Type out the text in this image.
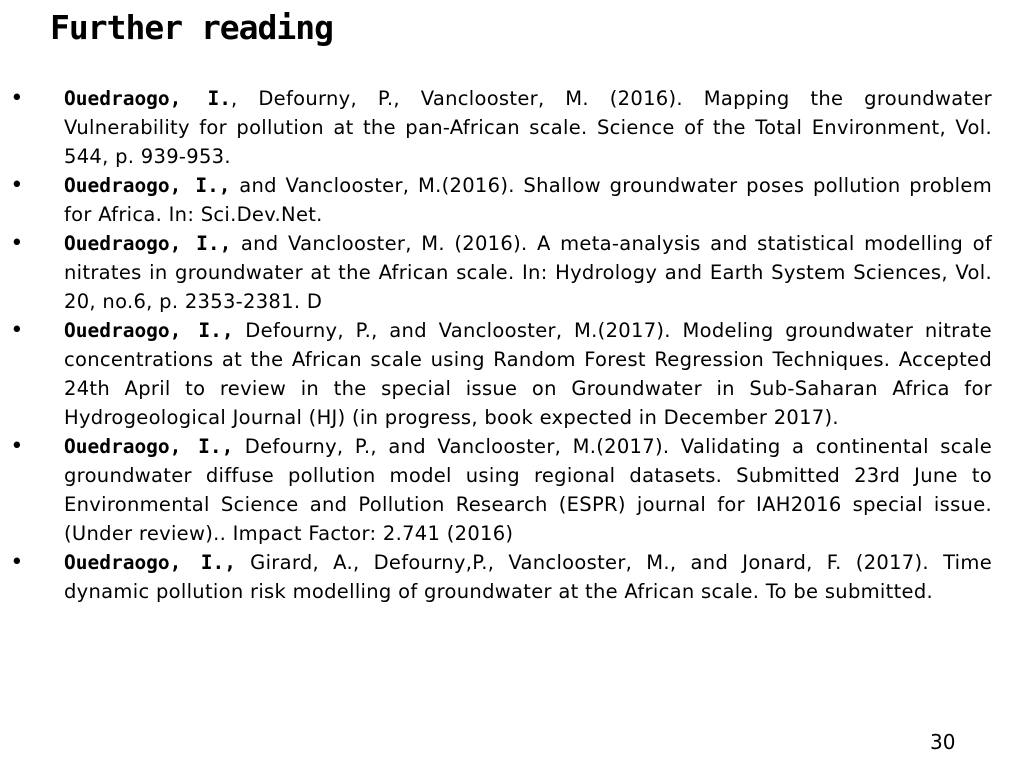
Further reading
• Ouedraogo, I., Defourny, P., Vanclooster, M. (2016). Mapping the groundwater Vulnerability for pollution at the pan-African scale. Science of the Total Environment, Vol. 544, p. 939-953.
• Ouedraogo, I., and Vanclooster, M.(2016). Shallow groundwater poses pollution problem for Africa. In: Sci.Dev.Net.
• Ouedraogo, I., and Vanclooster, M. (2016). A meta-analysis and statistical modelling of nitrates in groundwater at the African scale. In: Hydrology and Earth System Sciences, Vol. 20, no.6, p. 2353-2381. D
• Ouedraogo, I., Defourny, P., and Vanclooster, M.(2017). Modeling groundwater nitrate concentrations at the African scale using Random Forest Regression Techniques. Accepted 24th April to review in the special issue on Groundwater in Sub-Saharan Africa for Hydrogeological Journal (HJ) (in progress, book expected in December 2017).
• Ouedraogo, I., Defourny, P., and Vanclooster, M.(2017). Validating a continental scale groundwater diffuse pollution model using regional datasets. Submitted 23rd June to Environmental Science and Pollution Research (ESPR) journal for IAH2016 special issue. (Under review).. Impact Factor: 2.741 (2016)
• Ouedraogo, I., Girard, A., Defourny,P., Vanclooster, M., and Jonard, F. (2017). Time dynamic pollution risk modelling of groundwater at the African scale. To be submitted.
30
